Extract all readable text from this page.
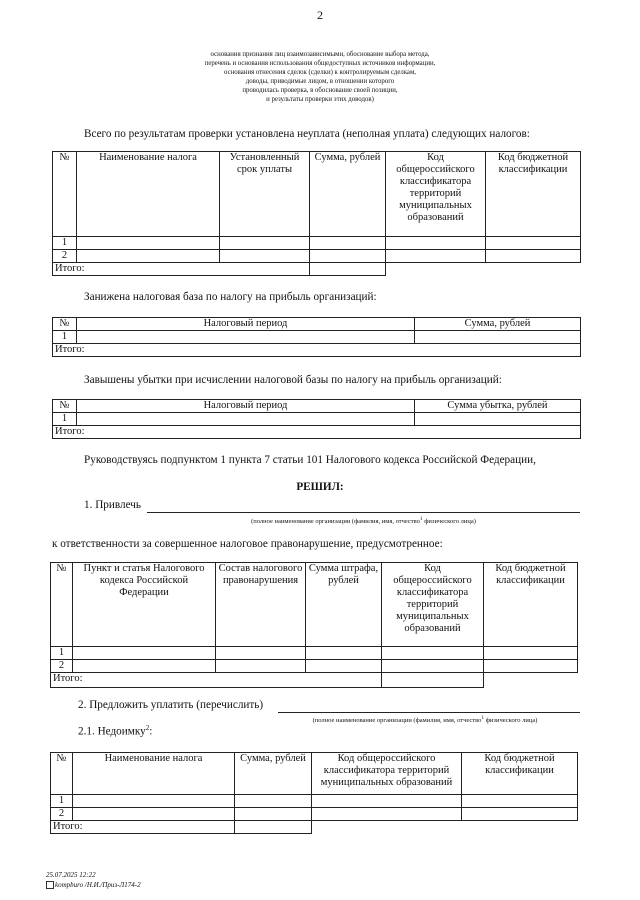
2
основания признания лиц взаимозависимыми, обоснование выбора метода,
перечень и основания использования общедоступных источников информации,
основания отнесения сделок (сделки) к контролируемым сделкам,
доводы, приводимые лицом, в отношении которого
проводилась проверка, в обоснование своей позиции,
и результаты проверки этих доводов)
Всего по результатам проверки установлена неуплата (неполная уплата) следующих налогов:
№	Наименование налога	Установленный срок уплаты	Сумма, рублей	Код общероссийского классификатора территорий муниципальных образований	Код бюджетной классификации
1					
2					
Итого:					
Занижена налоговая база по налогу на прибыль организаций:
№	Налоговый период	Сумма, рублей
1		
Итого:		
Завышены убытки при исчислении налоговой базы по налогу на прибыль организаций:
№	Налоговый период	Сумма убытка, рублей
1		
Итого:		
Руководствуясь подпунктом 1 пункта 7 статьи 101 Налогового кодекса Российской Федерации,
РЕШИЛ:
1. Привлечь
(полное наименование организации (фамилия, имя, отчество$^1$ физического лица)
к ответственности за совершенное налоговое правонарушение, предусмотренное:
№	Пункт и статья Налогового кодекса Российской Федерации	Состав налогового правонарушения	Сумма штрафа, рублей	Код общероссийского классификатора территорий муниципальных образований	Код бюджетной классификации
1					
2					
Итого:					
2. Предложить уплатить (перечислить)
(полное наименование организации (фамилия, имя, отчество$^1$ физического лица)
2.1. Недоимку$^2$:
№	Наименование налога	Сумма, рублей	Код общероссийского классификатора территорий муниципальных образований	Код бюджетной классификации
1				
2				
Итого:				
25.07.2025 12:22
kompburo /Н.И./Приз-Л174-2
